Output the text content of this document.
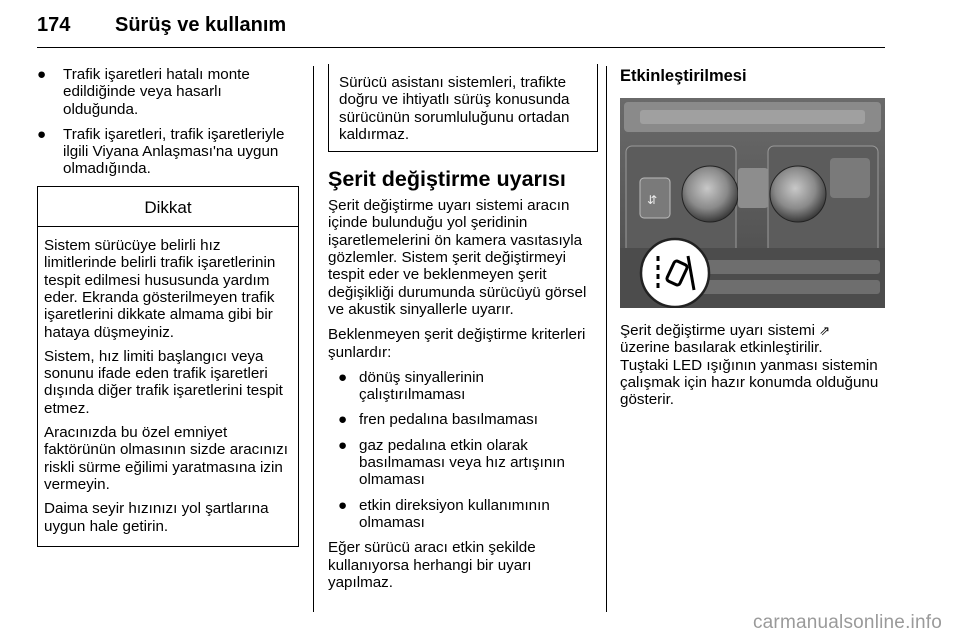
174 Sürüş ve kullanım
● Trafik işaretleri hatalı monte edildiğinde veya hasarlı olduğunda.
● Trafik işaretleri, trafik işaretleriyle ilgili Viyana Anlaşması'na uygun olmadığında.
Dikkat

Sistem sürücüye belirli hız limitlerinde belirli trafik işaretlerinin tespit edilmesi hususunda yardım eder. Ekranda gösterilmeyen trafik işaretlerini dikkate almama gibi bir hataya düşmeyiniz.

Sistem, hız limiti başlangıcı veya sonunu ifade eden trafik işaretleri dışında diğer trafik işaretlerini tespit etmez.

Aracınızda bu özel emniyet faktörünün olmasının sizde aracınızı riskli sürme eğilimi yaratmasına izin vermeyin.

Daima seyir hızınızı yol şartlarına uygun hale getirin.

Sürücü asistanı sistemleri, trafikte doğru ve ihtiyatlı sürüş konusunda sürücünün sorumluluğunu ortadan kaldırmaz.
Şerit değiştirme uyarısı

Şerit değiştirme uyarı sistemi aracın içinde bulunduğu yol şeridinin işaretlemelerini ön kamera vasıtasıyla gözlemler. Sistem şerit değiştirmeyi tespit eder ve beklenmeyen şerit değişikliği durumunda sürücüyü görsel ve akustik sinyallerle uyarır.

Beklenmeyen şerit değiştirme kriterleri şunlardır:

● dönüş sinyallerinin çalıştırılmaması
● fren pedalına basılmaması
● gaz pedalına etkin olarak basılmaması veya hız artışının olmaması
● etkin direksiyon kullanımının olmaması

Eğer sürücü aracı etkin şekilde kullanıyorsa herhangi bir uyarı yapılmaz.

Etkinleştirilmesi
⇵

Şerit değiştirme uyarı sistemi ⇗
üzerine basılarak etkinleştirilir.

Tuştaki LED ışığının yanması sistemin çalışmak için hazır konumda olduğunu gösterir.

carmanualsonline.info
